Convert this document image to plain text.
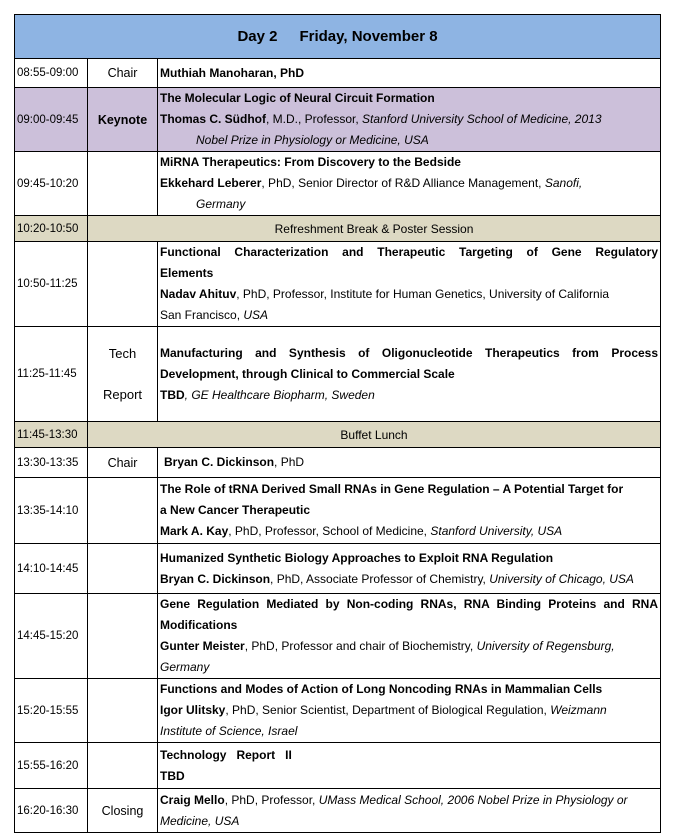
Day 2 Friday, November 8		
08:55-09:00	Chair	Muthiah Manoharan, PhD
09:00-09:45	Keynote	The Molecular Logic of Neural Circuit Formation
Thomas C. Südhof, M.D., Professor, Stanford University School of Medicine, 2013
Nobel Prize in Physiology or Medicine, USA

09:45-10:20		MiRNA Therapeutics: From Discovery to the Bedside
Ekkehard Leberer, PhD, Senior Director of R&D Alliance Management, Sanofi,
Germany

10:20-10:50	Refreshment Break & Poster Session	
10:50-11:25		Functional Characterization and Therapeutic Targeting of Gene Regulatory
Elements
Nadav Ahituv, PhD, Professor, Institute for Human Genetics, University of California
San Francisco, USA

11:25-11:45	Tech
Report	Manufacturing and Synthesis of Oligonucleotide Therapeutics from Process
Development, through Clinical to Commercial Scale
TBD, GE Healthcare Biopharm, Sweden

11:45-13:30	Buffet Lunch	
13:30-13:35	Chair	Bryan C. Dickinson, PhD
13:35-14:10		The Role of tRNA Derived Small RNAs in Gene Regulation – A Potential Target for
a New Cancer Therapeutic
Mark A. Kay, PhD, Professor, School of Medicine, Stanford University, USA

14:10-14:45		Humanized Synthetic Biology Approaches to Exploit RNA Regulation
Bryan C. Dickinson, PhD, Associate Professor of Chemistry, University of Chicago, USA

14:45-15:20		Gene Regulation Mediated by Non-coding RNAs, RNA Binding Proteins and RNA
Modifications
Gunter Meister, PhD, Professor and chair of Biochemistry, University of Regensburg,
Germany

15:20-15:55		Functions and Modes of Action of Long Noncoding RNAs in Mammalian Cells
Igor Ulitsky, PhD, Senior Scientist, Department of Biological Regulation, Weizmann
Institute of Science, Israel

15:55-16:20		Technology   Report   II
TBD

16:20-16:30	Closing	Craig Mello, PhD, Professor, UMass Medical School, 2006 Nobel Prize in Physiology or
Medicine, USA
